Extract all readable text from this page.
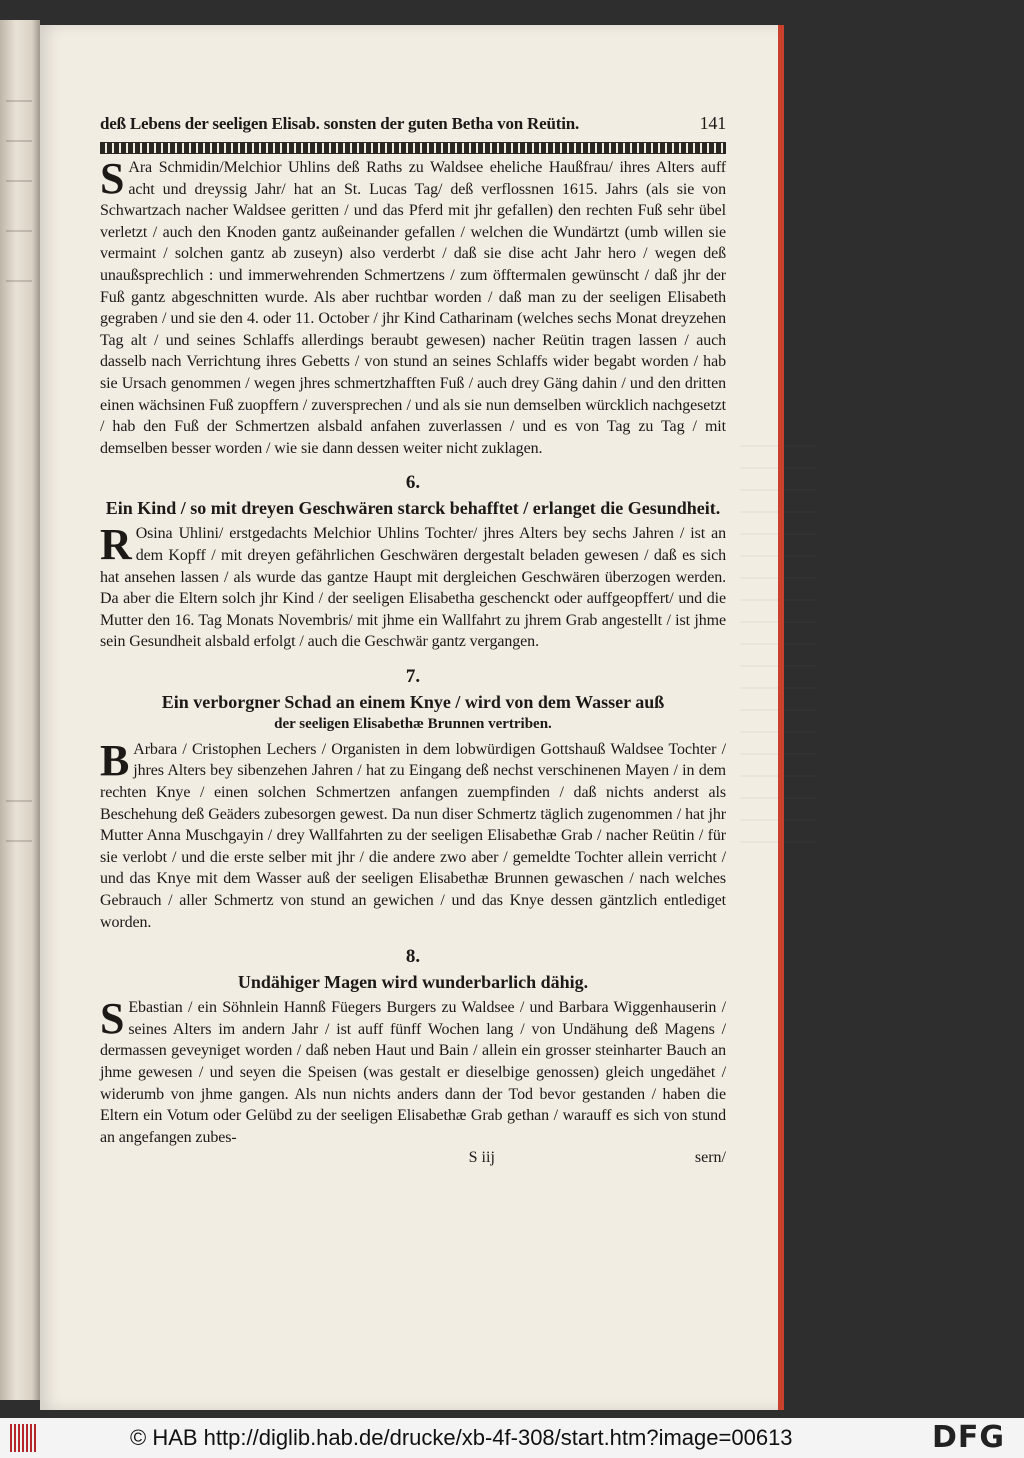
deß Lebens der seeligen Elisab. sonsten der guten Betha von Reütin.	141

SAra Schmidin/Melchior Uhlins deß Raths zu Waldsee eheliche Haußfrau/ ihres Alters auff acht und dreyssig Jahr/ hat an St. Lucas Tag/ deß verflossnen 1615. Jahrs (als sie von Schwartzach nacher Waldsee geritten / und das Pferd mit jhr gefallen) den rechten Fuß sehr übel verletzt / auch den Knoden gantz außeinander gefallen / welchen die Wundärtzt (umb willen sie vermaint / solchen gantz ab zuseyn) also verderbt / daß sie dise acht Jahr hero / wegen deß unaußsprechlich : und immerwehrenden Schmertzens / zum öfftermalen gewünscht / daß jhr der Fuß gantz abgeschnitten wurde. Als aber ruchtbar worden / daß man zu der seeligen Elisabeth gegraben / und sie den 4. oder 11. October / jhr Kind Catharinam (welches sechs Monat dreyzehen Tag alt / und seines Schlaffs allerdings beraubt gewesen) nacher Reütin tragen lassen / auch dasselb nach Verrichtung ihres Gebetts / von stund an seines Schlaffs wider begabt worden / hab sie Ursach genommen / wegen jhres schmertzhafften Fuß / auch drey Gäng dahin / und den dritten einen wächsinen Fuß zuopffern / zuversprechen / und als sie nun demselben würcklich nachgesetzt / hab den Fuß der Schmertzen alsbald anfahen zuverlassen / und es von Tag zu Tag / mit demselben besser worden / wie sie dann dessen weiter nicht zuklagen.

6.
Ein Kind / so mit dreyen Geschwären starck behafftet / erlanget die Gesundheit.

ROsina Uhlini/ erstgedachts Melchior Uhlins Tochter/ jhres Alters bey sechs Jahren / ist an dem Kopff / mit dreyen gefährlichen Geschwären dergestalt beladen gewesen / daß es sich hat ansehen lassen / als wurde das gantze Haupt mit dergleichen Geschwären überzogen werden. Da aber die Eltern solch jhr Kind / der seeligen Elisabetha geschenckt oder auffgeopffert/ und die Mutter den 16. Tag Monats Novembris/ mit jhme ein Wallfahrt zu jhrem Grab angestellt / ist jhme sein Gesundheit alsbald erfolgt / auch die Geschwär gantz vergangen.

7.
Ein verborgner Schad an einem Knye / wird von dem Wasser auß
der seeligen Elisabethæ Brunnen vertriben.

BArbara / Cristophen Lechers / Organisten in dem lobwürdigen Gottshauß Waldsee Tochter / jhres Alters bey sibenzehen Jahren / hat zu Eingang deß nechst verschinenen Mayen / in dem rechten Knye / einen solchen Schmertzen anfangen zuempfinden / daß nichts anderst als Beschehung deß Geäders zubesorgen gewest. Da nun diser Schmertz täglich zugenommen / hat jhr Mutter Anna Muschgayin / drey Wallfahrten zu der seeligen Elisabethæ Grab / nacher Reütin / für sie verlobt / und die erste selber mit jhr / die andere zwo aber / gemeldte Tochter allein verricht / und das Knye mit dem Wasser auß der seeligen Elisabethæ Brunnen gewaschen / nach welches Gebrauch / aller Schmertz von stund an gewichen / und das Knye dessen gäntzlich entlediget worden.

8.
Undähiger Magen wird wunderbarlich dähig.

SEbastian / ein Söhnlein Hannß Füegers Burgers zu Waldsee / und Barbara Wiggenhauserin / seines Alters im andern Jahr / ist auff fünff Wochen lang / von Undähung deß Magens / dermassen geveyniget worden / daß neben Haut und Bain / allein ein grosser steinharter Bauch an jhme gewesen / und seyen die Speisen (was gestalt er dieselbige genossen) gleich ungedähet / widerumb von jhme gangen. Als nun nichts anders dann der Tod bevor gestanden / haben die Eltern ein Votum oder Gelübd zu der seeligen Elisabethæ Grab gethan / warauff es sich von stund an angefangen zubes-

S iij	sern/
© HAB http://diglib.hab.de/drucke/xb-4f-308/start.htm?image=00613	DFG
